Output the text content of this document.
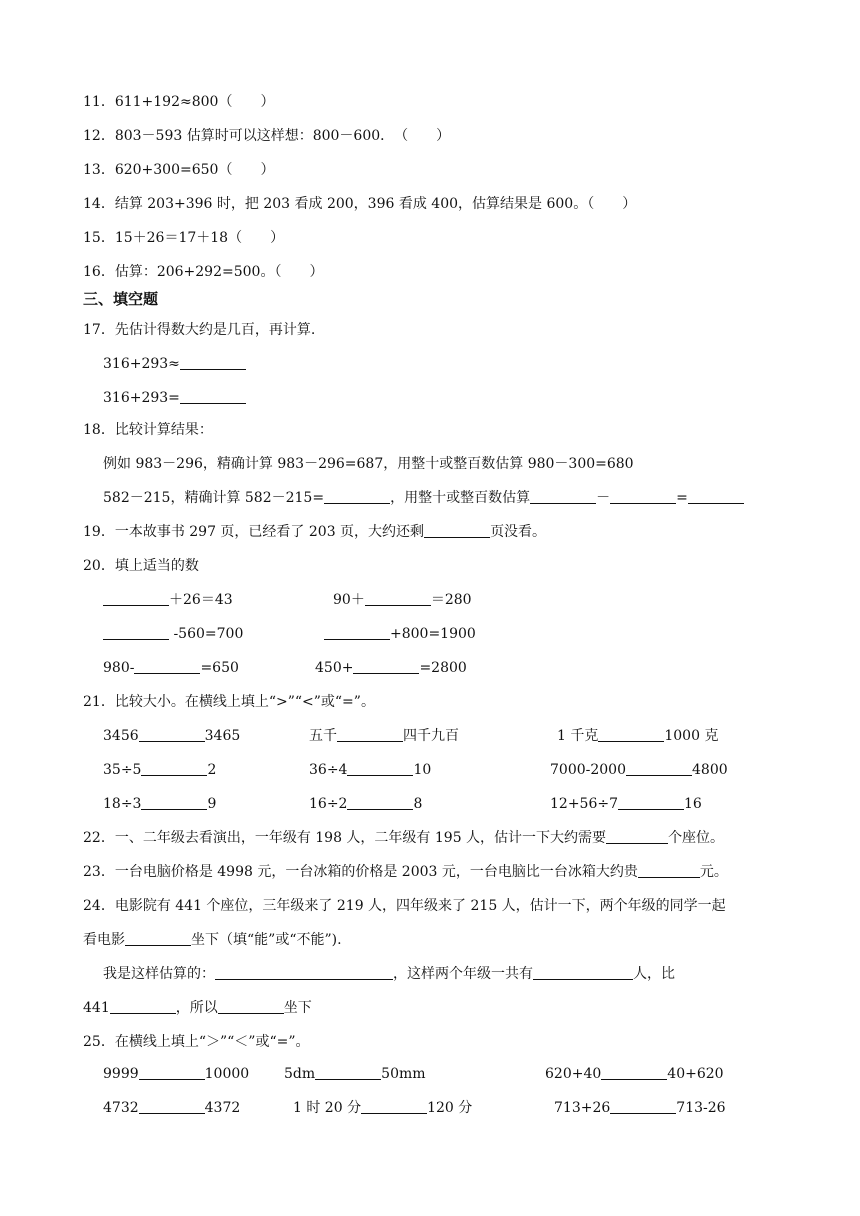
11．611+192≈800（　　）
12．803－593 估算时可以这样想：800－600．　（　　）
13．620+300=650（　　）
14．结算 203+396 时，把 203 看成 200，396 看成 400，估算结果是 600。（　　）
15．15＋26＝17＋18（　　）
16．估算：206+292=500。（　　）
三、填空题
17．先估计得数大约是几百，再计算.
316+293≈
316+293=
18．比较计算结果：
例如 983－296，精确计算 983－296=687，用整十或整百数估算 980－300=680
582－215，精确计算 582－215=	，用整十或整百数估算	－	=
19．一本故事书 297 页，已经看了 203 页，大约还剩	页没看。
20．填上适当的数
＋26＝43	90＋	＝280
-560=700	+800=1900
980-	=650	450+	=2800
21．比较大小。在横线上填上“>”“<”或“=”。
3456	3465	五千	四千九百	1 千克	1000 克
35÷5	2	36÷4	10	7000-2000	4800
18÷3	9	16÷2	8	12+56÷7	16
22．一、二年级去看演出，一年级有 198 人，二年级有 195 人，估计一下大约需要	个座位。
23．一台电脑价格是 4998 元，一台冰箱的价格是 2003 元，一台电脑比一台冰箱大约贵	元。
24．电影院有 441 个座位，三年级来了 219 人，四年级来了 215 人，估计一下，两个年级的同学一起
看电影	坐下（填“能”或“不能”).
我是这样估算的：	，这样两个年级一共有	人，比
441	，所以	坐下
25．在横线上填上“＞”“＜”或“=”。
9999	10000 5dm	50mm	620+40	40+620
4732	4372	1 时 20 分	120 分	713+26	713-26
